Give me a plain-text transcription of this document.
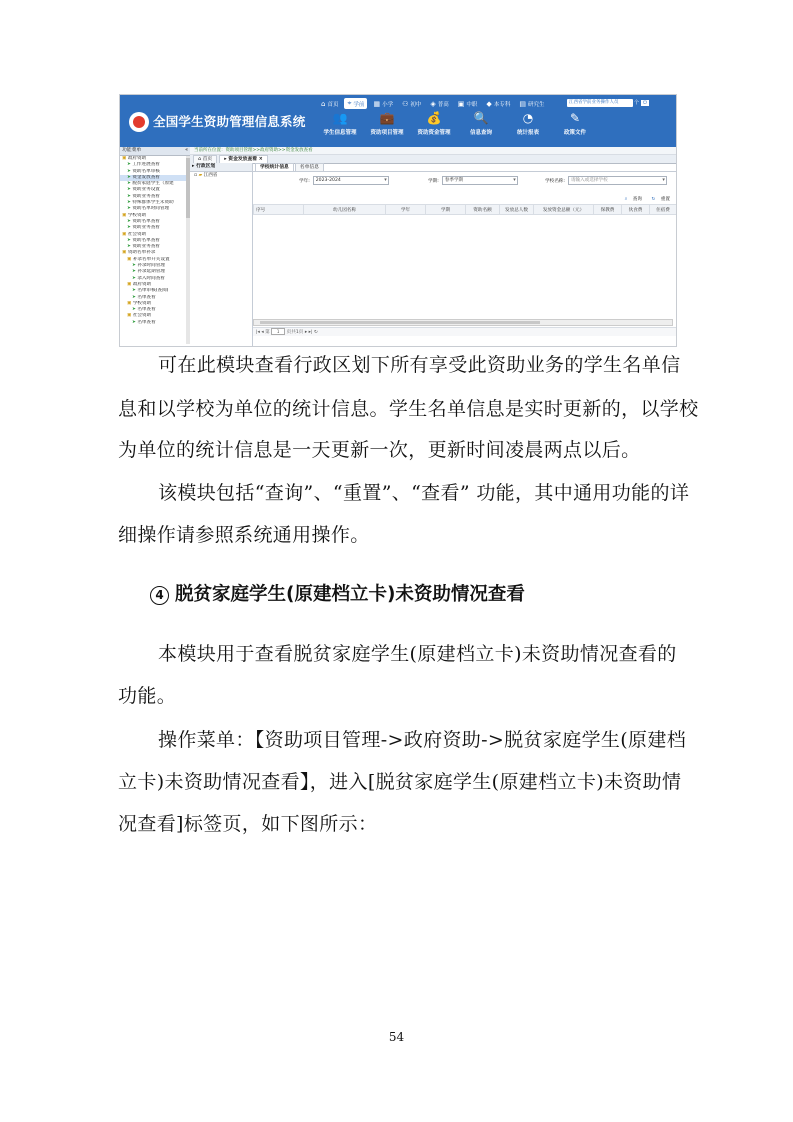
全国学生资助管理信息系统
⌂ 首页 ⌖ 学前 ▦ 小学 ⚇ 初中 ◈ 普高 ▣ 中职 ◆ 本专科 ▤ 研究生	江西省学前业务操作人员	个 ⏻
👥
学生信息管理
💼
资助项目管理
💰
资助资金管理
🔍
信息查询
◔
统计报表
✎
政策文件
功能菜单	«
▣ 政府资助
➤ 工作进展查看
➤ 资助名单审核
➤ 资金发放查看
➤ 脱贫家庭学生（原建
➤ 资助业务设置
➤ 资助业务查看
➤ 特殊群体学生未资助
➤ 资助名单时间管理
▣ 学校资助
➤ 资助名单查看
➤ 资助业务查看
▣ 社会资助
➤ 资助名单查看
➤ 资助业务查看
▣ 资助名单补录
▣ 补录名单开关设置
➤ 补录时间管理
➤ 补录延期管理
➤ 录入时间查看
▣ 政府资助
➤ 名单审核(查阅)
➤ 名单查看
▣ 学校资助
➤ 名单查看
▣ 社会资助
➤ 名单查看
当前所在位置：资助项目管理>>政府资助>>资金发放查看
⌂ 首页	▸ 资金发放查看 ×
▸ 行政区划
▫ ▰ 江西省
学校统计信息	名单信息
学年:	2023-2024 ▾	学期:	春季学期 ▾	学校名称:	请输入或选择学校 ▾
⌕ 查询 ↻ 重置
序号	幼儿园名称	学年	学期	资助名额	发放总人数	发放资金总额（元）	保教费	伙食费	住宿费
|◂ ◂ 第 1 页共1页 ▸ ▸| ↻
可在此模块查看行政区划下所有享受此资助业务的学生名单信
息和以学校为单位的统计信息。学生名单信息是实时更新的，以学校
为单位的统计信息是一天更新一次，更新时间凌晨两点以后。
该模块包括“查询”、“重置”、“查看” 功能，其中通用功能的详
细操作请参照系统通用操作。
4 脱贫家庭学生(原建档立卡)未资助情况查看
本模块用于查看脱贫家庭学生(原建档立卡)未资助情况查看的
功能。
操作菜单：【资助项目管理->政府资助->脱贫家庭学生(原建档
立卡)未资助情况查看】，进入[脱贫家庭学生(原建档立卡)未资助情
况查看]标签页，如下图所示：
54
